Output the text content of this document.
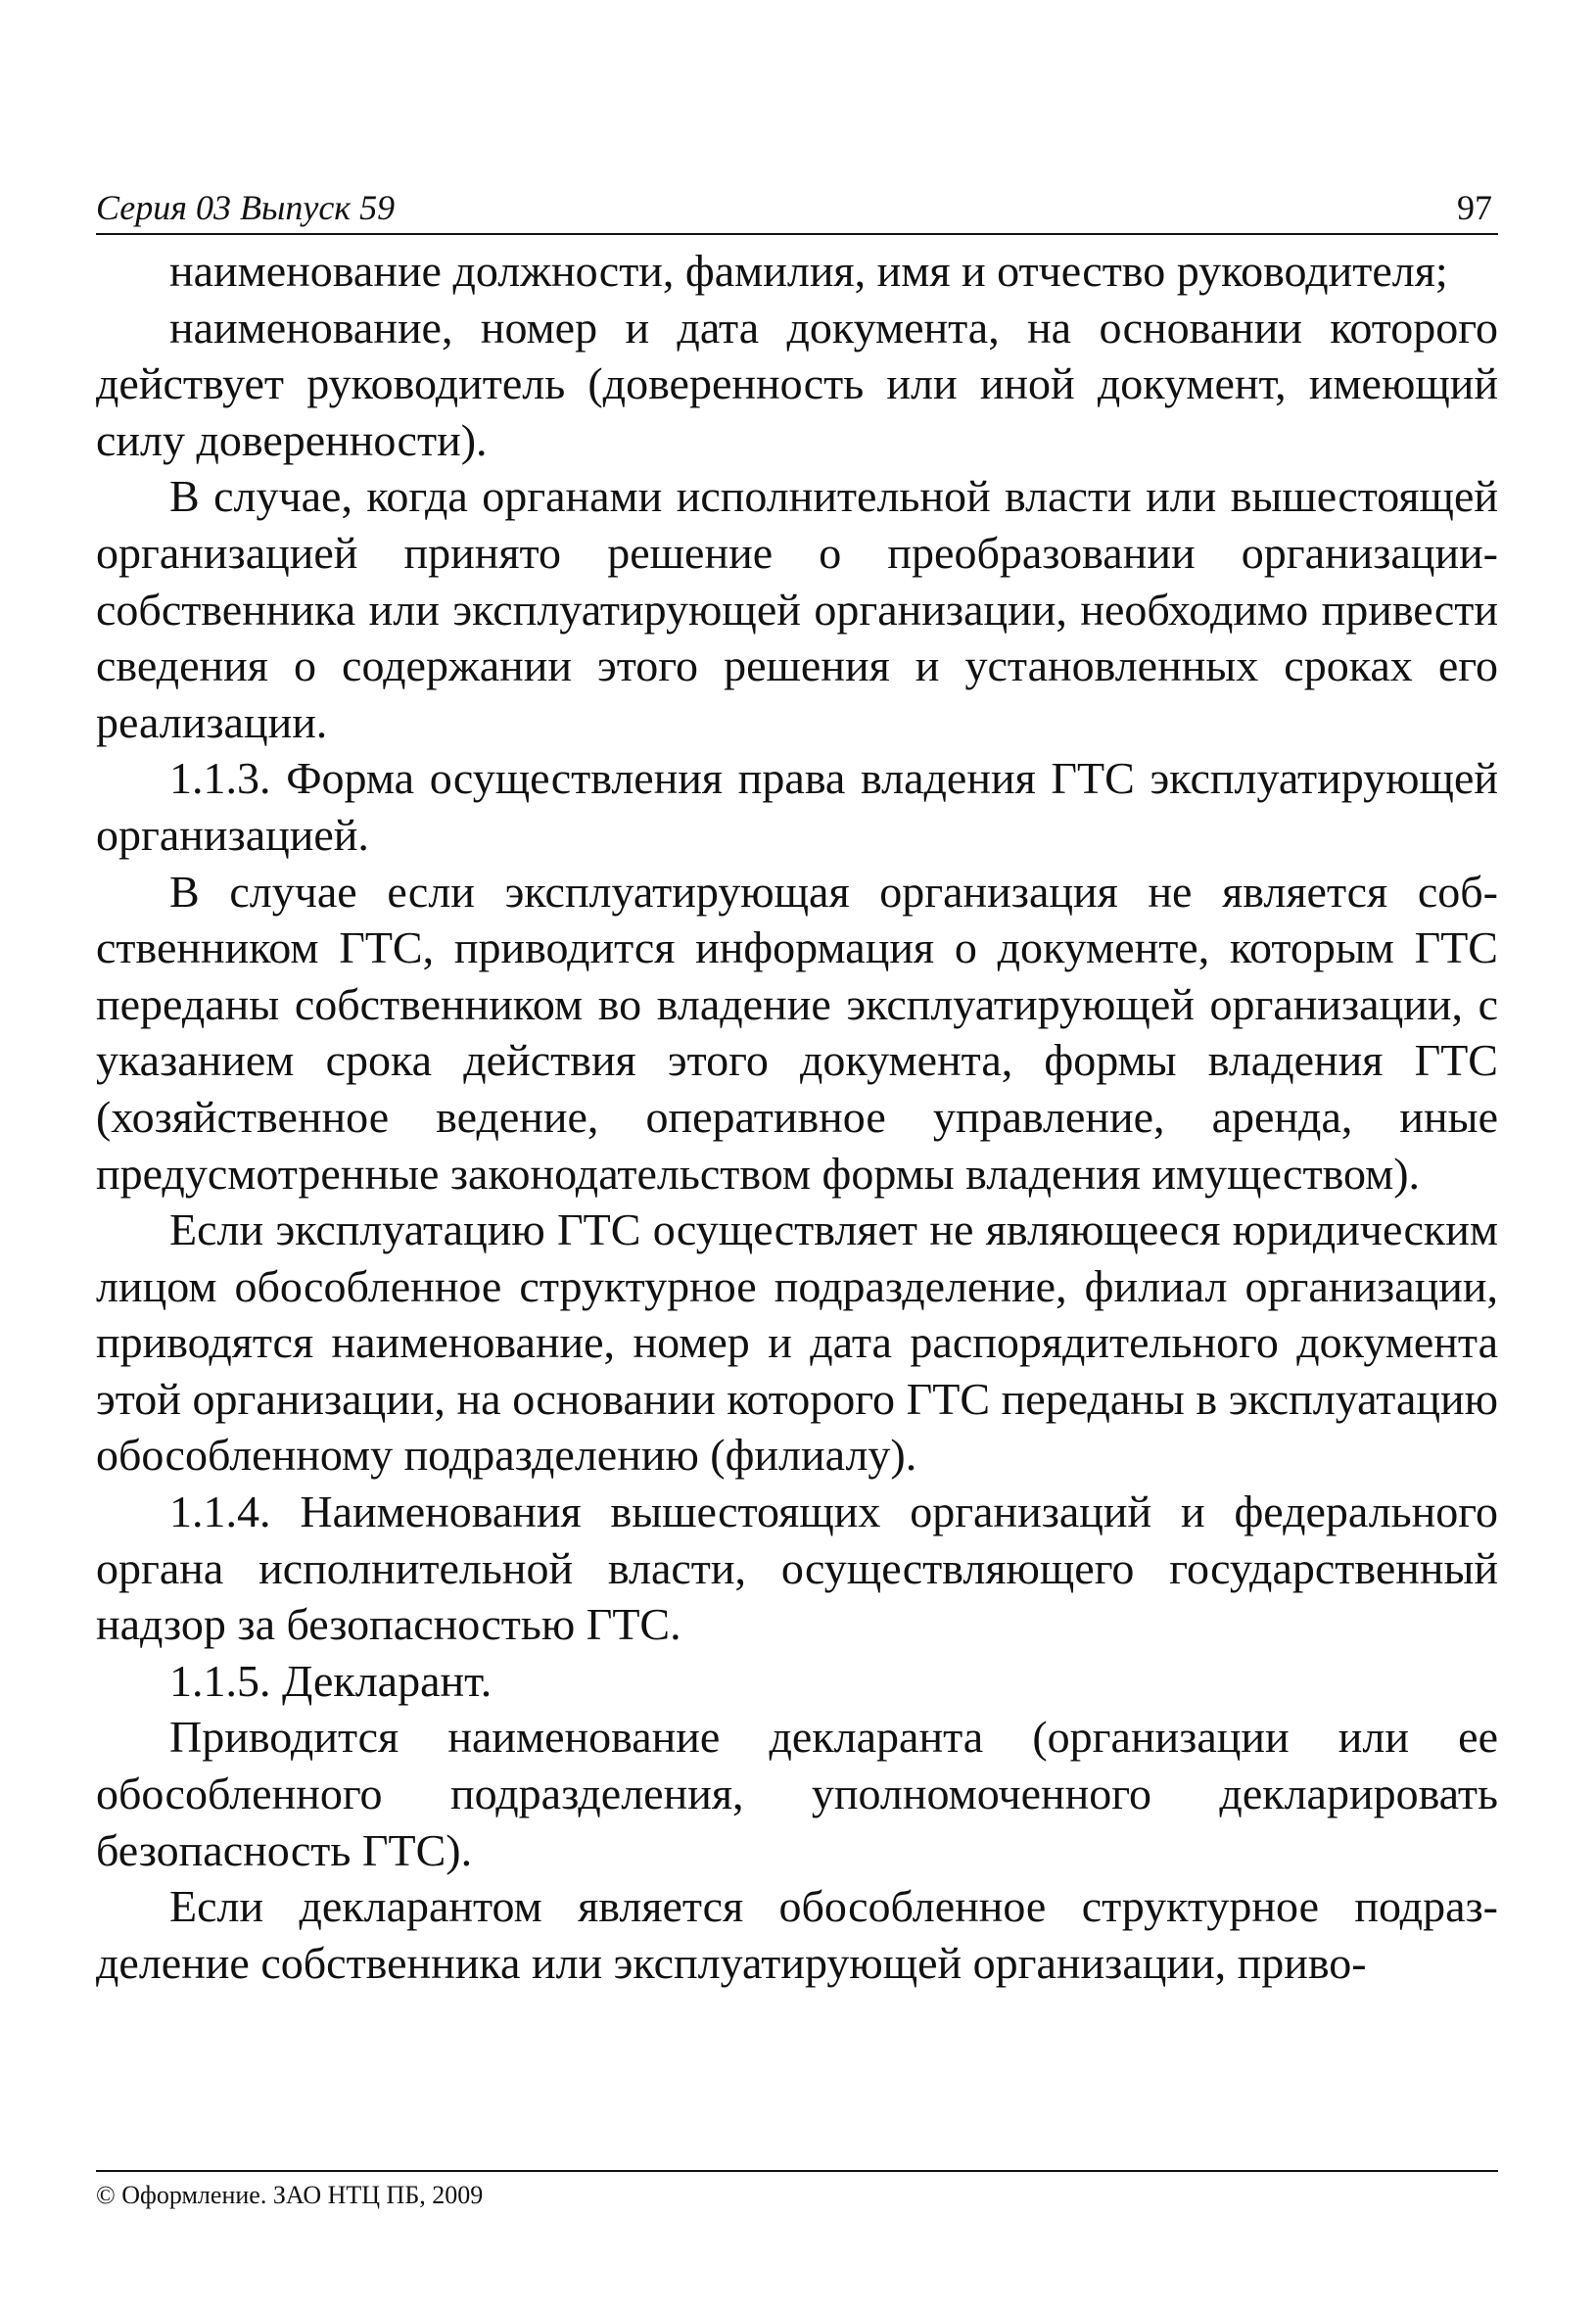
Серия 03 Выпуск 59	97

наименование должности, фамилия, имя и отчество руководителя;

наименование, номер и дата документа, на основании которого действует руководитель (доверенность или иной документ, имеющий силу доверенности).

В случае, когда органами исполнительной власти или вышестоящей организацией принято решение о преобразовании организации-собственника или эксплуатирующей организации, необходимо привести сведения о содержании этого решения и установленных сроках его реализации.

1.1.3. Форма осуществления права владения ГТС эксплуатирующей организацией.

В случае если эксплуатирующая организация не является собственником ГТС, приводится информация о документе, которым ГТС переданы собственником во владение эксплуатирующей организации, с указанием срока действия этого документа, формы владения ГТС (хозяйственное ведение, оперативное управление, аренда, иные предусмотренные законодательством формы владения имуществом).

Если эксплуатацию ГТС осуществляет не являющееся юридическим лицом обособленное структурное подразделение, филиал организации, приводятся наименование, номер и дата распорядительного документа этой организации, на основании которого ГТС переданы в эксплуатацию обособленному подразделению (филиалу).

1.1.4. Наименования вышестоящих организаций и федерального органа исполнительной власти, осуществляющего государственный надзор за безопасностью ГТС.

1.1.5. Декларант.

Приводится наименование декларанта (организации или ее обособленного подразделения, уполномоченного декларировать безопасность ГТС).

Если декларантом является обособленное структурное подразделение собственника или эксплуатирующей организации, приво-

© Оформление. ЗАО НТЦ ПБ, 2009
